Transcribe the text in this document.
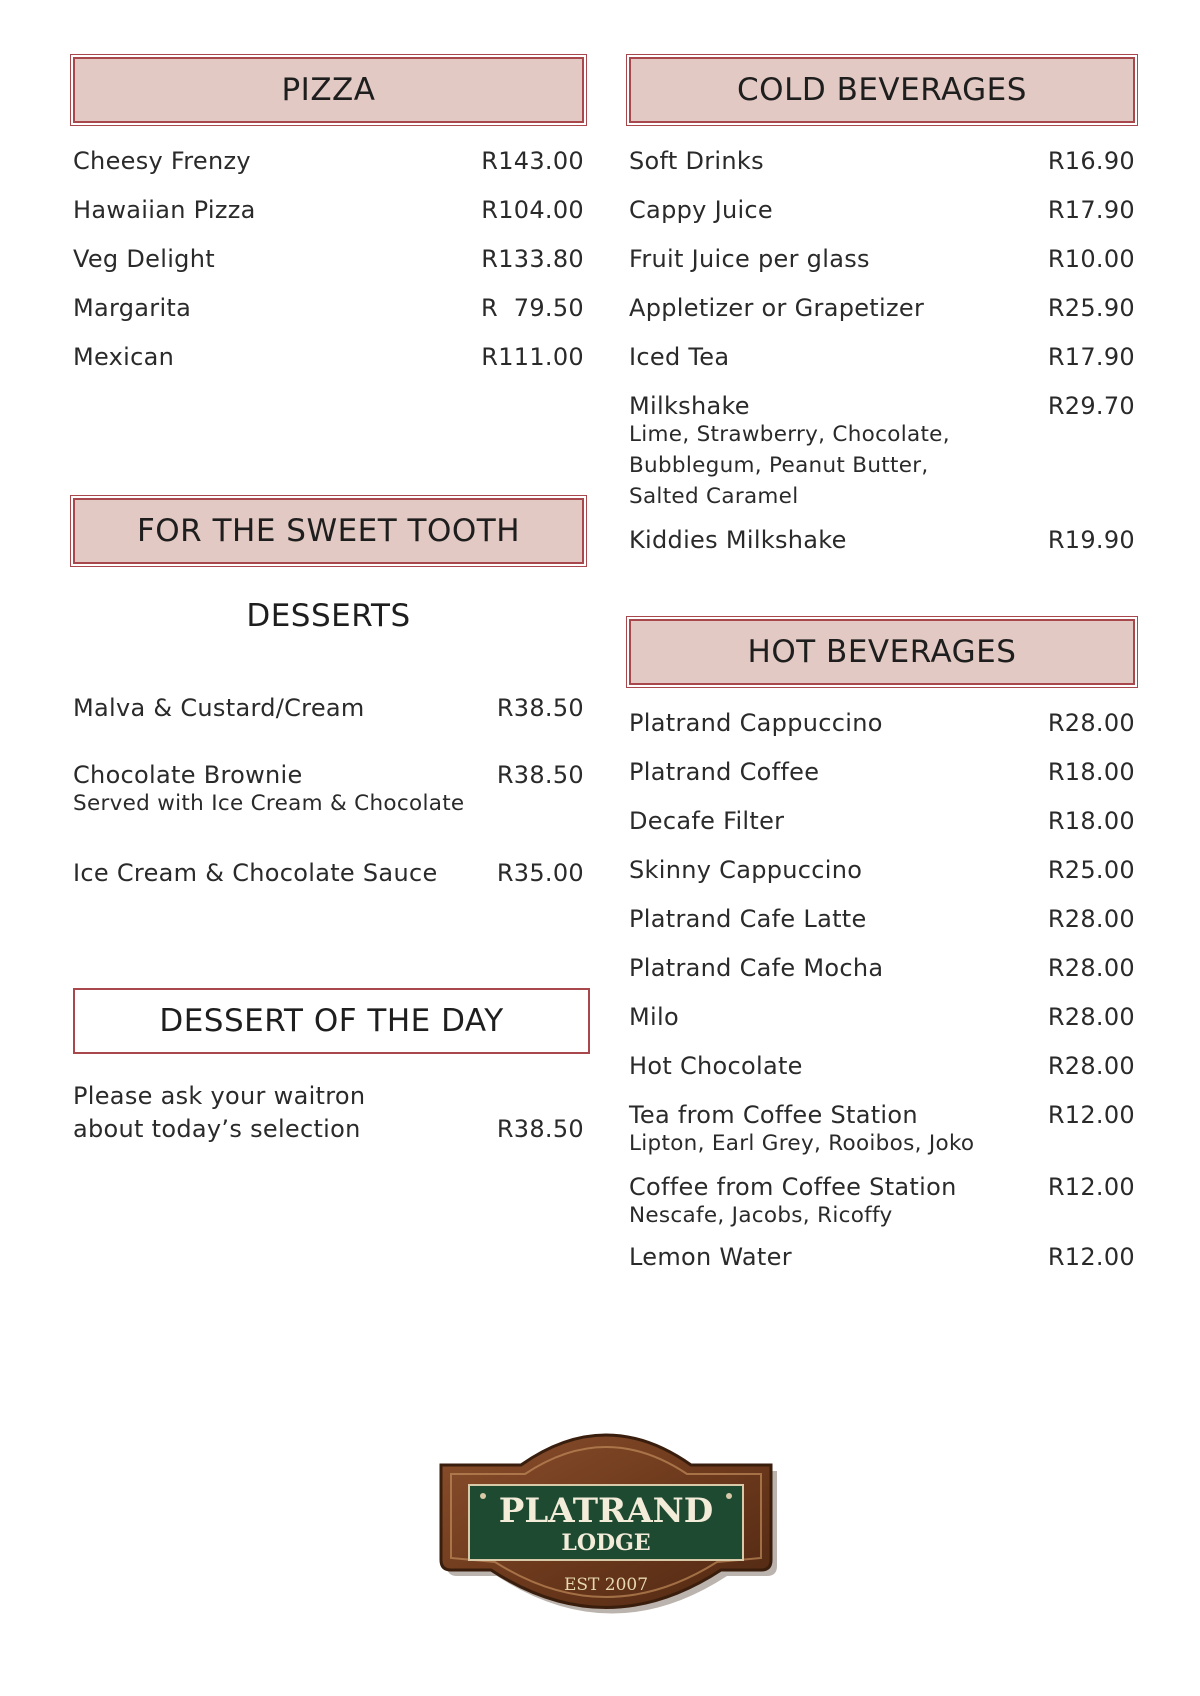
PIZZA
Cheesy Frenzy	R143.00
Hawaiian Pizza	R104.00
Veg Delight	R133.80
Margarita	R  79.50
Mexican	R111.00
FOR THE SWEET TOOTH
DESSERTS
Malva & Custard/Cream	R38.50
Chocolate Brownie	R38.50
Served with Ice Cream & Chocolate
Ice Cream & Chocolate Sauce R35.00
DESSERT OF THE DAY
Please ask your waitron
about today’s selection	R38.50
COLD BEVERAGES
Soft Drinks	R16.90
Cappy Juice	R17.90
Fruit Juice per glass	R10.00
Appletizer or Grapetizer	R25.90
Iced Tea	R17.90
Milkshake	R29.70
Lime, Strawberry, Chocolate,
Bubblegum, Peanut Butter,
Salted Caramel
Kiddies Milkshake	R19.90
HOT BEVERAGES
Platrand Cappuccino	R28.00
Platrand Coffee	R18.00
Decafe Filter	R18.00
Skinny Cappuccino	R25.00
Platrand Cafe Latte	R28.00
Platrand Cafe Mocha	R28.00
Milo	R28.00
Hot Chocolate	R28.00
Tea from Coffee Station	R12.00
Lipton, Earl Grey, Rooibos, Joko
Coffee from Coffee Station	R12.00
Nescafe, Jacobs, Ricoffy
Lemon Water	R12.00
PLATRAND
LODGE
EST 2007
